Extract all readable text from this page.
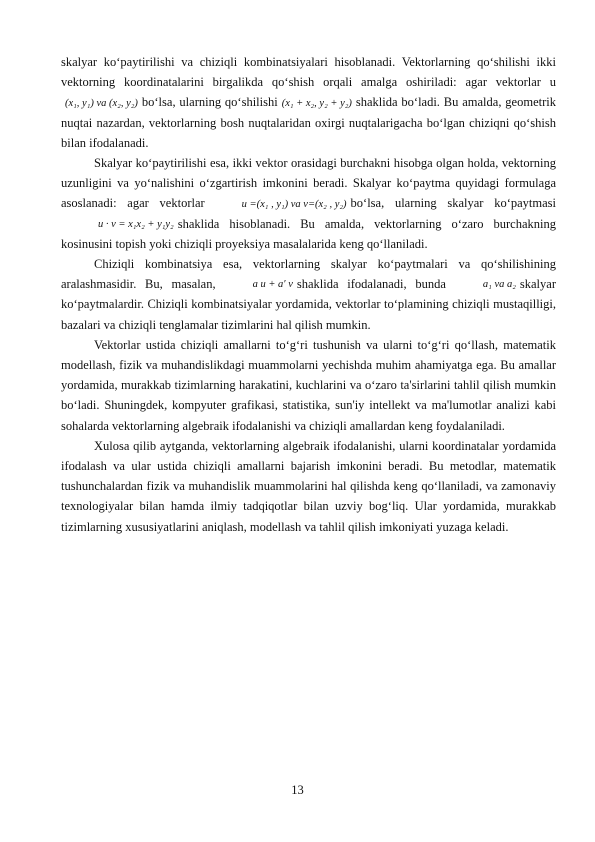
skalyar ko‘paytirilishi va chiziqli kombinatsiyalari hisoblanadi. Vektorlarning qo‘shilishi ikki vektorning koordinatalarini birgalikda qo‘shish orqali amalga oshiriladi: agar vektorlar u(x₁, y₁) va (x₂, y₂) bo‘lsa, ularning qo‘shilishi (x₁ + x₂, y₂ + y₂) shaklida bo‘ladi. Bu amalda, geometrik nuqtai nazardan, vektorlarning bosh nuqtalaridan oxirgi nuqtalarigacha bo‘lgan chiziqni qo‘shish bilan ifodalanadi.

Skalyar ko‘paytirilishi esa, ikki vektor orasidagi burchakni hisobga olgan holda, vektorning uzunligini va yo‘nalishini o‘zgartirish imkonini beradi. Skalyar ko‘paytma quyidagi formulaga asoslanadi: agar vektorlar	u =(x₁ , y₁) va v=(x₂ , y₂) bo‘lsa, ularning skalyar ko‘paytmasiu · v = x₁x₂ + y₁y₂ shaklida hisoblanadi. Bu amalda, vektorlarning o‘zaro burchakning kosinusini topish yoki chiziqli proyeksiya masalalarida keng qo‘llaniladi.

Chiziqli kombinatsiya esa, vektorlarning skalyar ko‘paytmalari va qo‘shilishining aralashmasidir. Bu, masalan,	a u + a′ v shaklida ifodalanadi, bunda	a₁ va a₂ skalyar ko‘paytmalardir. Chiziqli kombinatsiyalar yordamida, vektorlar to‘plamining chiziqli mustaqilligi, bazalari va chiziqli tenglamalar tizimlarini hal qilish mumkin.

Vektorlar ustida chiziqli amallarni to‘g‘ri tushunish va ularni to‘g‘ri qo‘llash, matematik modellash, fizik va muhandislikdagi muammolarni yechishda muhim ahamiyatga ega. Bu amallar yordamida, murakkab tizimlarning harakatini, kuchlarini va o‘zaro ta'sirlarini tahlil qilish mumkin bo‘ladi. Shuningdek, kompyuter grafikasi, statistika, sun'iy intellekt va ma'lumotlar analizi kabi sohalarda vektorlarning algebraik ifodalanishi va chiziqli amallardan keng foydalaniladi.

Xulosa qilib aytganda, vektorlarning algebraik ifodalanishi, ularni koordinatalar yordamida ifodalash va ular ustida chiziqli amallarni bajarish imkonini beradi. Bu metodlar, matematik tushunchalardan fizik va muhandislik muammolarini hal qilishda keng qo‘llaniladi, va zamonaviy texnologiyalar bilan hamda ilmiy tadqiqotlar bilan uzviy bog‘liq. Ular yordamida, murakkab tizimlarning xususiyatlarini aniqlash, modellash va tahlil qilish imkoniyati yuzaga keladi.

13
